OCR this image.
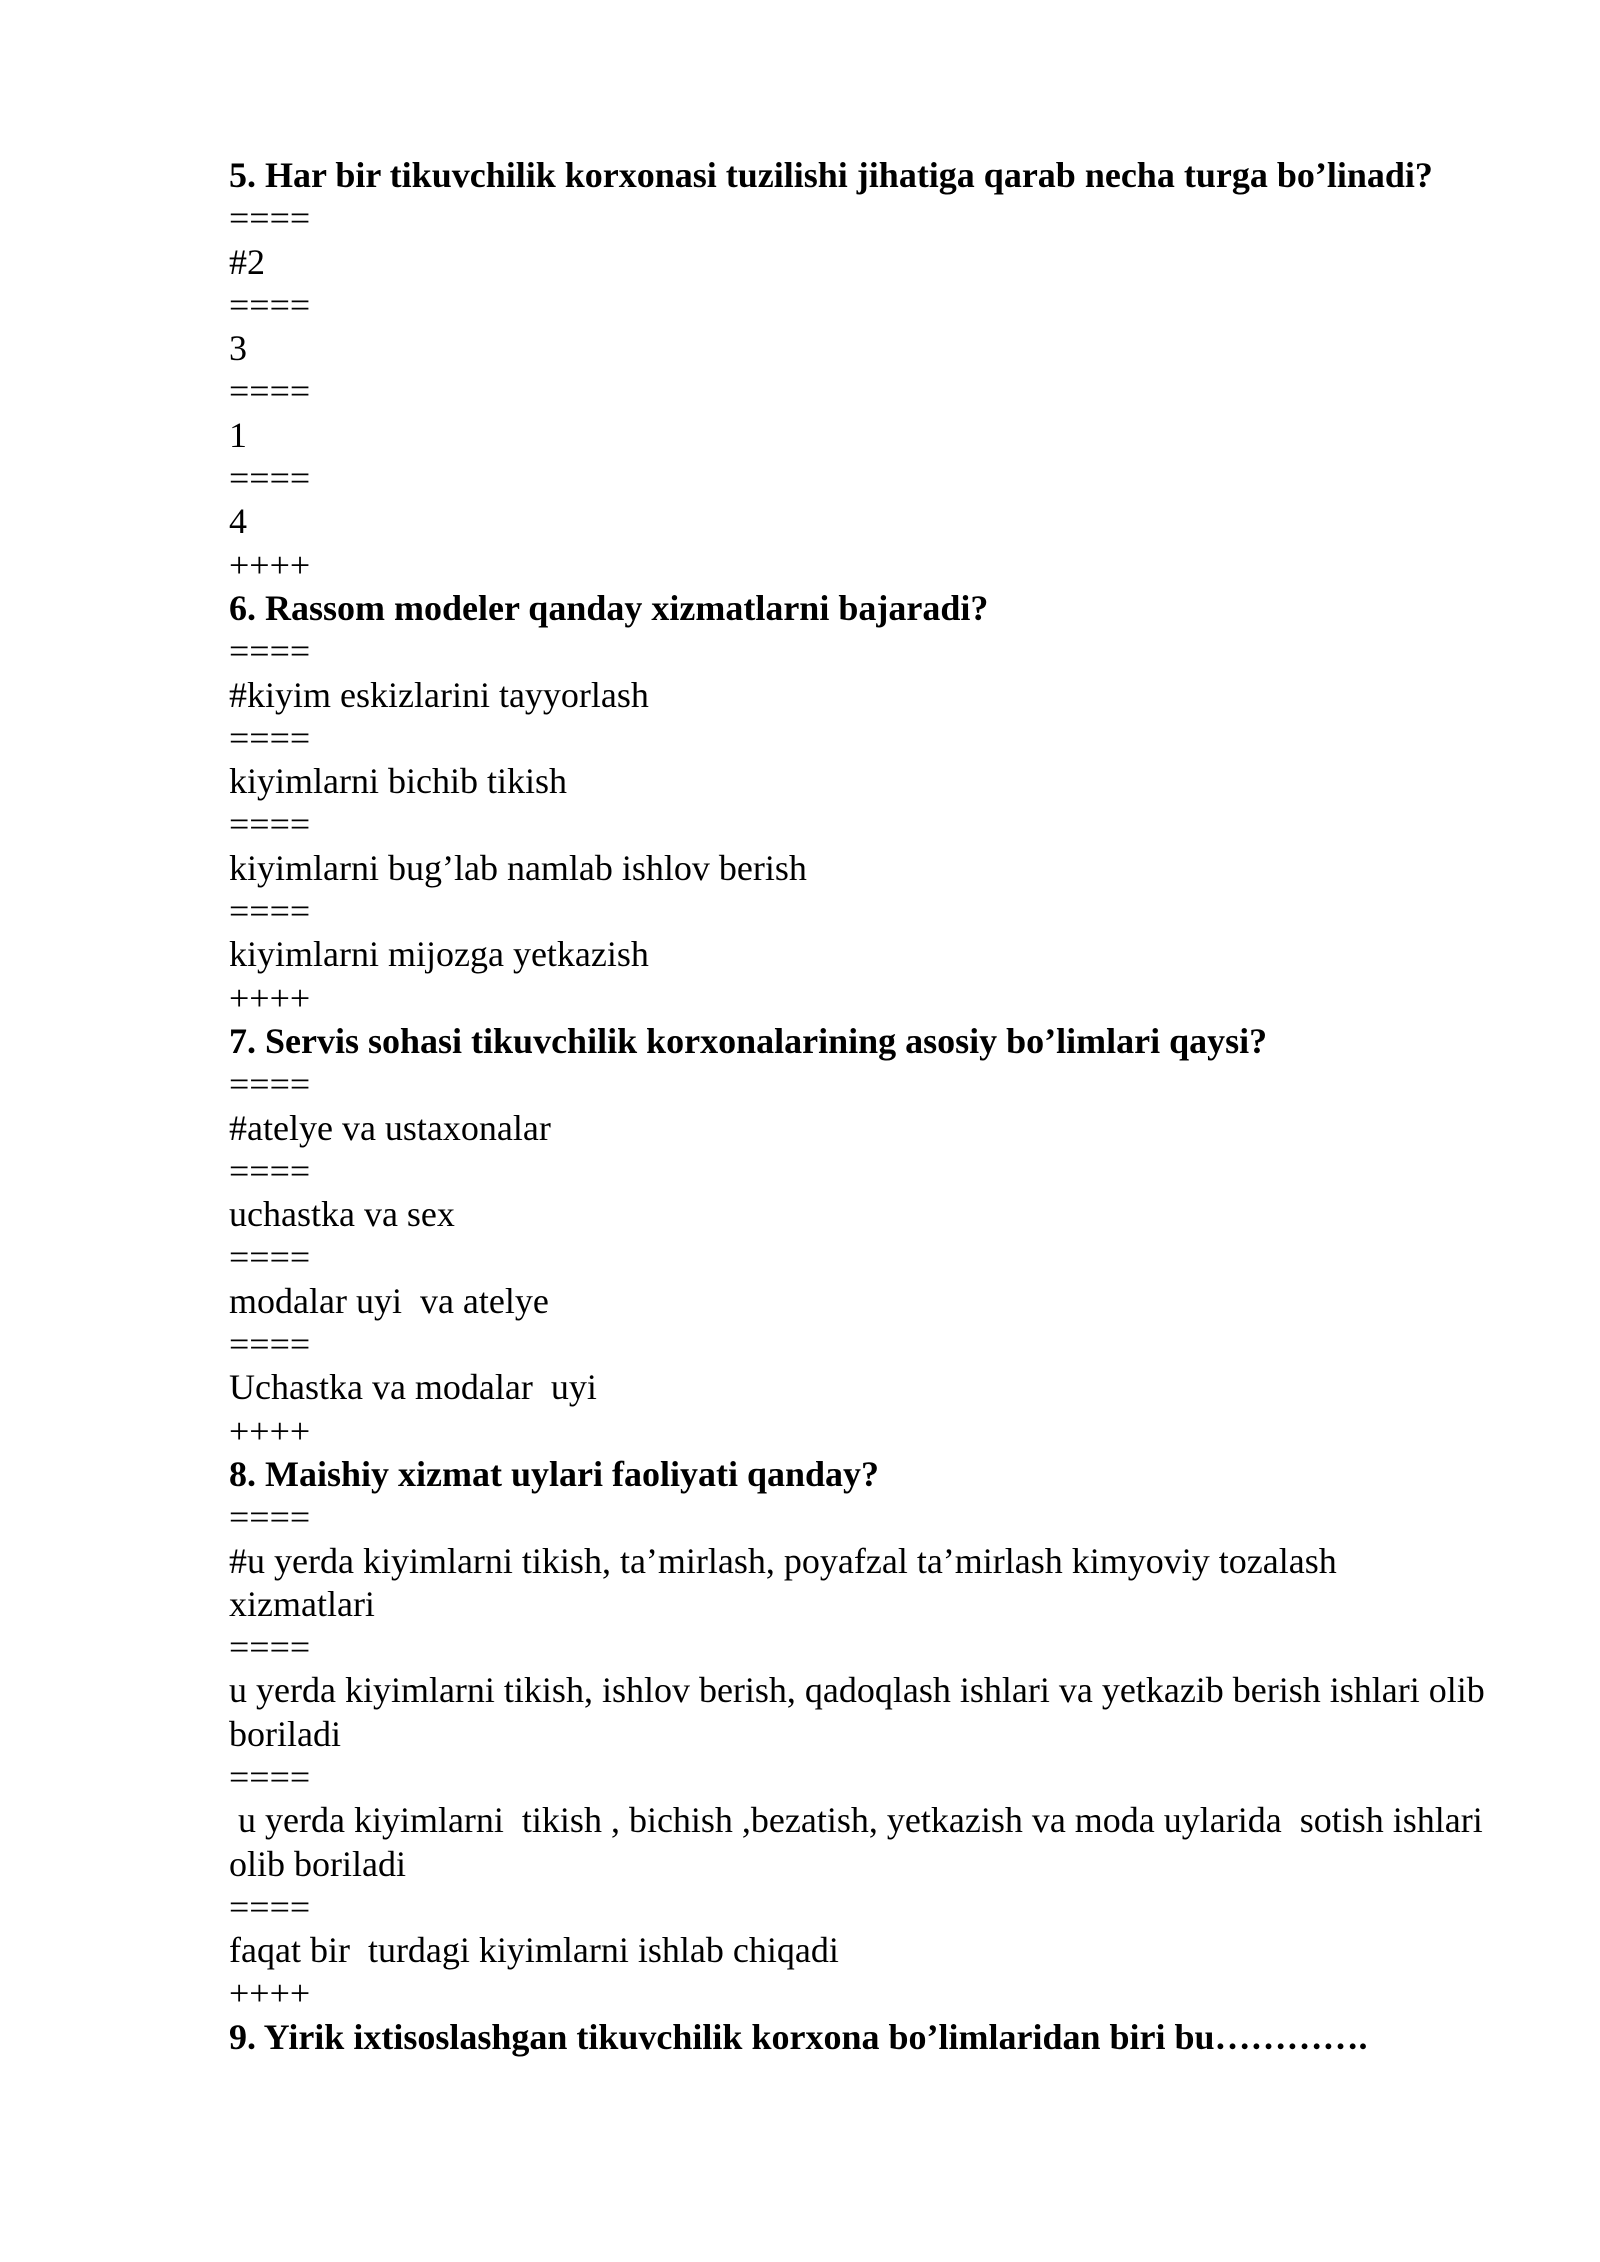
5. Har bir tikuvchilik korxonasi tuzilishi jihatiga qarab necha turga bo’linadi?
====
#2
====
3
====
1
====
4
++++
6. Rassom modeler qanday xizmatlarni bajaradi?
====
#kiyim eskizlarini tayyorlash
====
kiyimlarni bichib tikish
====
kiyimlarni bug’lab namlab ishlov berish
====
kiyimlarni mijozga yetkazish
++++
7. Servis sohasi tikuvchilik korxonalarining asosiy bo’limlari qaysi?
====
#atelye va ustaxonalar
====
uchastka va sex
====
modalar uyi  va atelye
====
Uchastka va modalar  uyi
++++
8. Maishiy xizmat uylari faoliyati qanday?
====
#u yerda kiyimlarni tikish, ta’mirlash, poyafzal ta’mirlash kimyoviy tozalash xizmatlari
====
u yerda kiyimlarni tikish, ishlov berish, qadoqlash ishlari va yetkazib berish ishlari olib boriladi
====
u yerda kiyimlarni  tikish , bichish ,bezatish, yetkazish va moda uylarida  sotish ishlari olib boriladi
====
faqat bir  turdagi kiyimlarni ishlab chiqadi
++++
9. Yirik ixtisoslashgan tikuvchilik korxona bo’limlaridan biri bu………….
